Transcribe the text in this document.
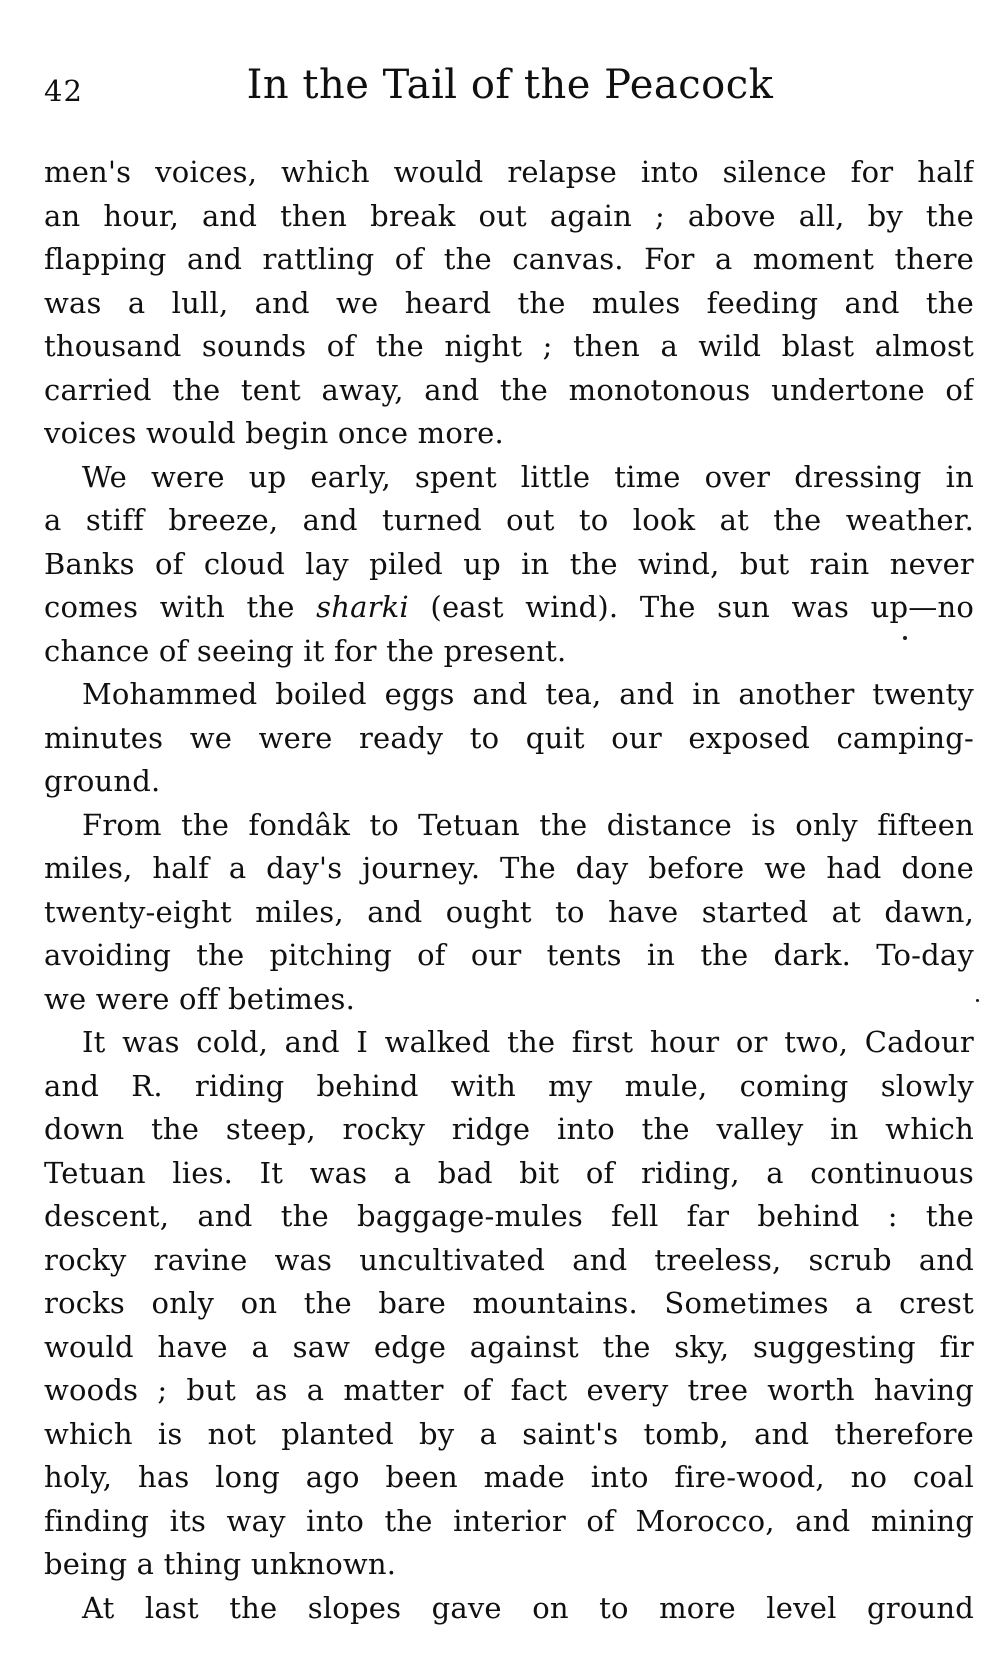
42	In the Tail of the Peacock
men's voices, which would relapse into silence for half
an hour, and then break out again ; above all, by the
flapping and rattling of the canvas. For a moment there
was a lull, and we heard the mules feeding and the
thousand sounds of the night ; then a wild blast almost
carried the tent away, and the monotonous undertone of
voices would begin once more.
We were up early, spent little time over dressing in
a stiff breeze, and turned out to look at the weather.
Banks of cloud lay piled up in the wind, but rain never
comes with the sharki (east wind). The sun was up—no
chance of seeing it for the present.
Mohammed boiled eggs and tea, and in another twenty
minutes we were ready to quit our exposed camping-
ground.
From the fondâk to Tetuan the distance is only fifteen
miles, half a day's journey. The day before we had done
twenty-eight miles, and ought to have started at dawn,
avoiding the pitching of our tents in the dark. To-day
we were off betimes.
It was cold, and I walked the first hour or two, Cadour
and R. riding behind with my mule, coming slowly
down the steep, rocky ridge into the valley in which
Tetuan lies. It was a bad bit of riding, a continuous
descent, and the baggage-mules fell far behind : the
rocky ravine was uncultivated and treeless, scrub and
rocks only on the bare mountains. Sometimes a crest
would have a saw edge against the sky, suggesting fir
woods ; but as a matter of fact every tree worth having
which is not planted by a saint's tomb, and therefore
holy, has long ago been made into fire-wood, no coal
finding its way into the interior of Morocco, and mining
being a thing unknown.
At last the slopes gave on to more level ground
